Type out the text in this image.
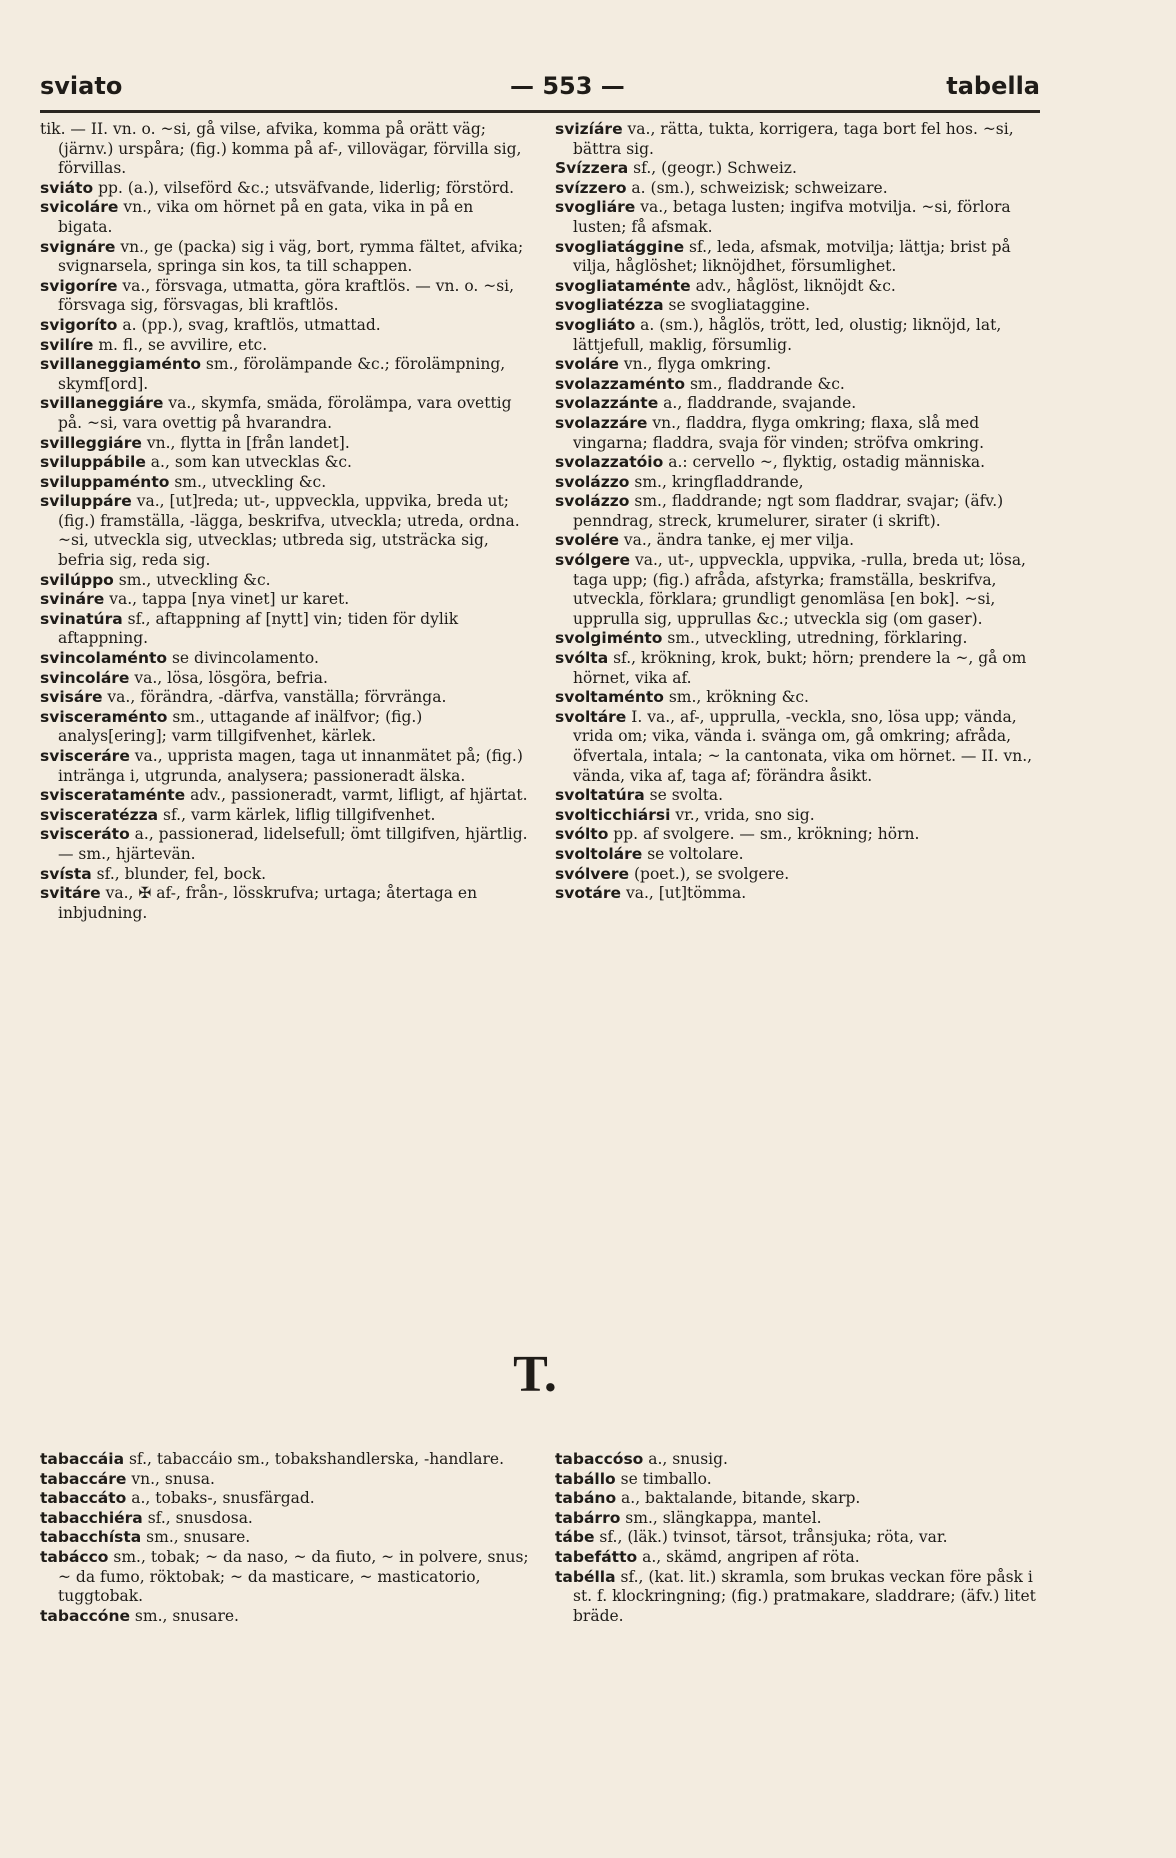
sviato	— 553 —	tabella
tik. — II. vn. o. ~si, gå vilse, afvika, komma på orätt väg; (järnv.) urspåra; (fig.) komma på af-, villovägar, förvilla sig, förvillas.
sviáto pp. (a.), vilseförd &c.; utsväfvande, liderlig; förstörd.
svicoláre vn., vika om hörnet på en gata, vika in på en bigata.
svignáre vn., ge (packa) sig i väg, bort, rymma fältet, afvika; svignarsela, springa sin kos, ta till schappen.
svigoríre va., försvaga, utmatta, göra kraftlös. — vn. o. ~si, försvaga sig, försvagas, bli kraftlös.
svigoríto a. (pp.), svag, kraftlös, utmattad.
svilíre m. fl., se avvilire, etc.
svillaneggiaménto sm., förolämpande &c.; förolämpning, skymf[ord].
svillaneggiáre va., skymfa, smäda, förolämpa, vara ovettig på. ~si, vara ovettig på hvarandra.
svilleggiáre vn., flytta in [från landet].
sviluppábile a., som kan utvecklas &c.
sviluppaménto sm., utveckling &c.
sviluppáre va., [ut]reda; ut-, uppveckla, uppvika, breda ut; (fig.) framställa, -lägga, beskrifva, utveckla; utreda, ordna. ~si, utveckla sig, utvecklas; utbreda sig, utsträcka sig, befria sig, reda sig.
svilúppo sm., utveckling &c.
svináre va., tappa [nya vinet] ur karet.
svinatúra sf., aftappning af [nytt] vin; tiden för dylik aftappning.
svincolaménto se divincolamento.
svincoláre va., lösa, lösgöra, befria.
svisáre va., förändra, -därfva, vanställa; förvränga.
svisceraménto sm., uttagande af inälfvor; (fig.) analys[ering]; varm tillgifvenhet, kärlek.
svisceráre va., upprista magen, taga ut innanmätet på; (fig.) intränga i, utgrunda, analysera; passioneradt älska.
sviscerataménte adv., passioneradt, varmt, lifligt, af hjärtat.
svisceratézza sf., varm kärlek, liflig tillgifvenhet.
svisceráto a., passionerad, lidelsefull; ömt tillgifven, hjärtlig. — sm., hjärtevän.
svísta sf., blunder, fel, bock.
svitáre va., ✠ af-, från-, lösskrufva; urtaga; återtaga en inbjudning.
svizíáre va., rätta, tukta, korrigera, taga bort fel hos. ~si, bättra sig.
Svízzera sf., (geogr.) Schweiz.
svízzero a. (sm.), schweizisk; schweizare.
svogliáre va., betaga lusten; ingifva motvilja. ~si, förlora lusten; få afsmak.
svogliatággine sf., leda, afsmak, motvilja; lättja; brist på vilja, håglöshet; liknöjdhet, försumlighet.
svogliataménte adv., håglöst, liknöjdt &c.
svogliatézza se svogliataggine.
svogliáto a. (sm.), håglös, trött, led, olustig; liknöjd, lat, lättjefull, maklig, försumlig.
svoláre vn., flyga omkring.
svolazzaménto sm., fladdrande &c.
svolazzánte a., fladdrande, svajande.
svolazzáre vn., fladdra, flyga omkring; flaxa, slå med vingarna; fladdra, svaja för vinden; ströfva omkring.
svolazzatóio a.: cervello ~, flyktig, ostadig människa.
svolázzo sm., kringfladdrande,
svolázzo sm., fladdrande; ngt som fladdrar, svajar; (äfv.) penndrag, streck, krumelurer, sirater (i skrift).
svolére va., ändra tanke, ej mer vilja.
svólgere va., ut-, uppveckla, uppvika, -rulla, breda ut; lösa, taga upp; (fig.) afråda, afstyrka; framställa, beskrifva, utveckla, förklara; grundligt genomläsa [en bok]. ~si, upprulla sig, upprullas &c.; utveckla sig (om gaser).
svolgiménto sm., utveckling, utredning, förklaring.
svólta sf., krökning, krok, bukt; hörn; prendere la ~, gå om hörnet, vika af.
svoltaménto sm., krökning &c.
svoltáre I. va., af-, upprulla, -veckla, sno, lösa upp; vända, vrida om; vika, vända i. svänga om, gå omkring; afråda, öfvertala, intala; ~ la cantonata, vika om hörnet. — II. vn., vända, vika af, taga af; förändra åsikt.
svoltatúra se svolta.
svolticchiársi vr., vrida, sno sig.
svólto pp. af svolgere. — sm., krökning; hörn.
svoltoláre se voltolare.
svólvere (poet.), se svolgere.
svotáre va., [ut]tömma.
T.
tabaccáia sf., tabaccáio sm., tobakshandlerska, -handlare.
tabaccáre vn., snusa.
tabaccáto a., tobaks-, snusfärgad.
tabacchiéra sf., snusdosa.
tabacchísta sm., snusare.
tabácco sm., tobak; ~ da naso, ~ da fiuto, ~ in polvere, snus; ~ da fumo, röktobak; ~ da masticare, ~ masticatorio, tuggtobak.
tabaccóne sm., snusare.
tabaccóso a., snusig.
tabállo se timballo.
tabáno a., baktalande, bitande, skarp.
tabárro sm., slängkappa, mantel.
tábe sf., (läk.) tvinsot, tärsot, trånsjuka; röta, var.
tabefátto a., skämd, angripen af röta.
tabélla sf., (kat. lit.) skramla, som brukas veckan före påsk i st. f. klockringning; (fig.) pratmakare, sladdrare; (äfv.) litet bräde.
